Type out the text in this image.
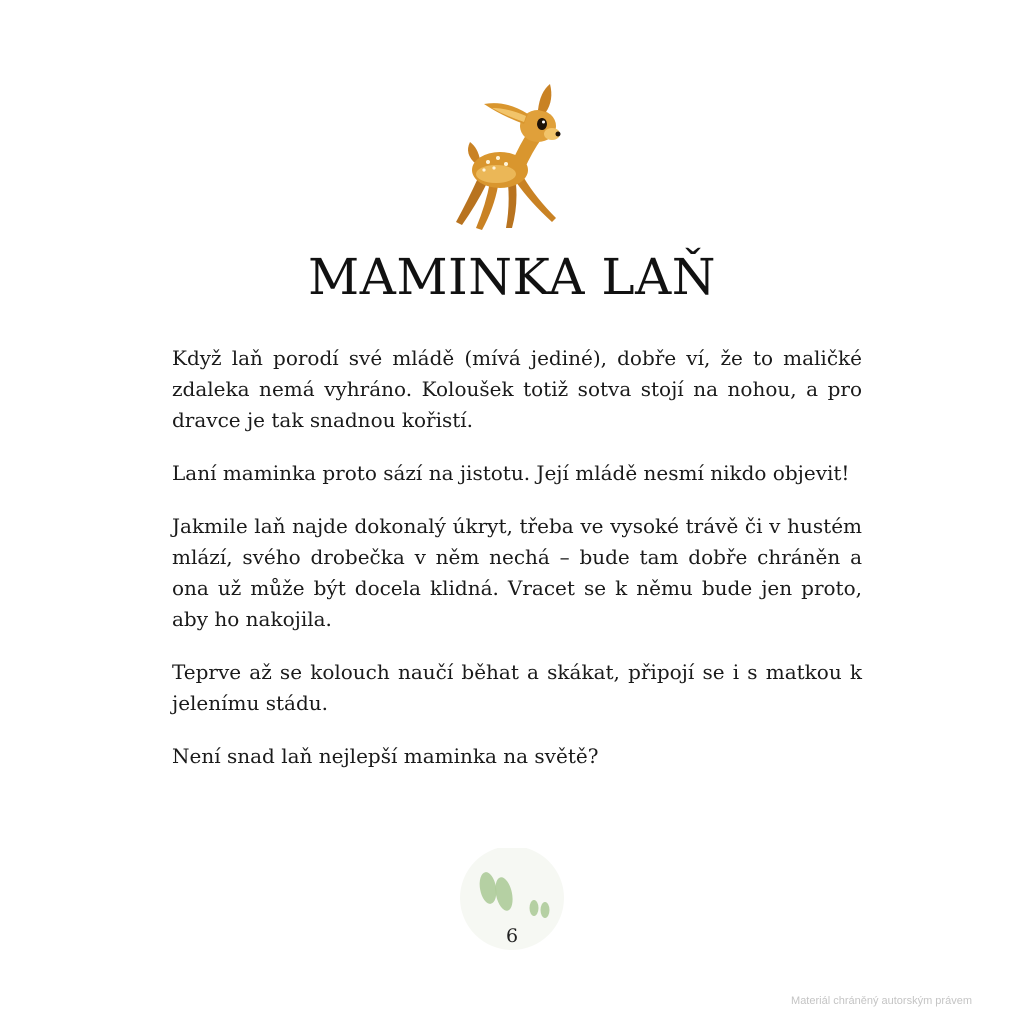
MAMINKA LAŇ

Když laň porodí své mládě (mívá jediné), dobře ví, že to maličké zdaleka nemá vyhráno. Koloušek totiž sotva stojí na nohou, a pro dravce je tak snadnou kořistí.

Laní maminka proto sází na jistotu. Její mládě nesmí nikdo objevit!

Jakmile laň najde dokonalý úkryt, třeba ve vysoké trávě či v hustém mlází, svého drobečka v něm nechá – bude tam dobře chráněn a ona už může být docela klidná. Vracet se k němu bude jen proto, aby ho nakojila.

Teprve až se kolouch naučí běhat a skákat, připojí se i s matkou k jelenímu stádu.

Není snad laň nejlepší maminka na světě?

6
Materiál chráněný autorským právem
